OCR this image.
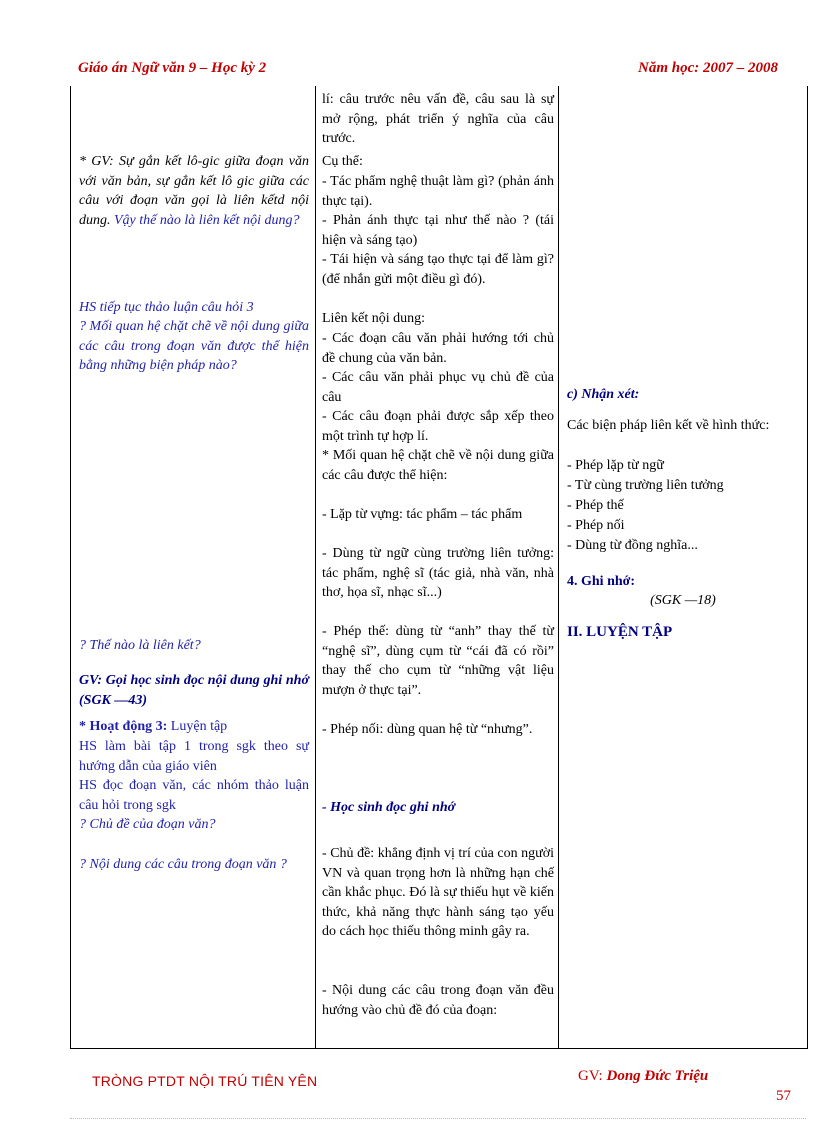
Giáo án Ngữ văn 9 – Học kỳ 2	Năm học: 2007 – 2008
* GV: Sự gắn kết lô-gic giữa đoạn văn với văn bản, sự gắn kết lô gic giữa các câu với đoạn văn gọi là liên kếtd nội dung. Vậy thế nào là liên kết nội dung?
HS tiếp tục thảo luận câu hỏi 3
? Mối quan hệ chặt chẽ về nội dung giữa các câu trong đoạn văn được thể hiện bằng những biện pháp nào?
? Thế nào là liên kết?
GV: Gọi học sinh đọc nội dung ghi nhớ (SGK —43)
* Hoạt động 3: Luyện tập
HS làm bài tập 1 trong sgk theo sự hướng dẫn của giáo viên
HS đọc đoạn văn, các nhóm thảo luận câu hỏi trong sgk
? Chủ đề của đoạn văn?
? Nội dung các câu trong đoạn văn ?
lí: câu trước nêu vấn đề, câu sau là sự mở rộng, phát triển ý nghĩa của câu trước.
Cụ thể:
- Tác phẩm nghệ thuật làm gì? (phản ánh thực tại).
- Phản ánh thực tại như thế nào ? (tái hiện và sáng tạo)
- Tái hiện và sáng tạo thực tại để làm gì? (để nhắn gửi một điều gì đó).
Liên kết nội dung:
- Các đoạn câu văn phải hướng tới chủ đề chung của văn bản.
- Các câu văn phải phục vụ chủ đề của câu
- Các câu đoạn phải được sắp xếp theo một trình tự hợp lí.
* Mối quan hệ chặt chẽ về nội dung giữa các câu được thể hiện:
- Lặp từ vựng: tác phẩm – tác phẩm
- Dùng từ ngữ cùng trường liên tưởng: tác phẩm, nghệ sĩ (tác giả, nhà văn, nhà thơ, họa sĩ, nhạc sĩ...)
- Phép thế: dùng từ “anh” thay thế từ “nghệ sĩ”, dùng cụm từ “cái đã có rồi” thay thế cho cụm từ “những vật liệu mượn ở thực tại”.
- Phép nối: dùng quan hệ từ “nhưng”.
- Học sinh đọc ghi nhớ
- Chủ đề: khẳng định vị trí của con người VN và quan trọng hơn là những hạn chế cần khắc phục. Đó là sự thiếu hụt về kiến thức, khả năng thực hành sáng tạo yếu do cách học thiếu thông minh gây ra.
- Nội dung các câu trong đoạn văn đều hướng vào chủ đề đó của đoạn:
c) Nhận xét:
Các biện pháp liên kết về hình thức:
- Phép lặp từ ngữ
- Từ cùng trường liên tưởng
- Phép thế
- Phép nối
- Dùng từ đồng nghĩa...
4. Ghi nhớ:
(SGK —18)
II. LUYỆN TẬP
TRÒNG PTDT NỘI TRÚ TIÊN YÊN	GV: Dong Đức Triệu
57
